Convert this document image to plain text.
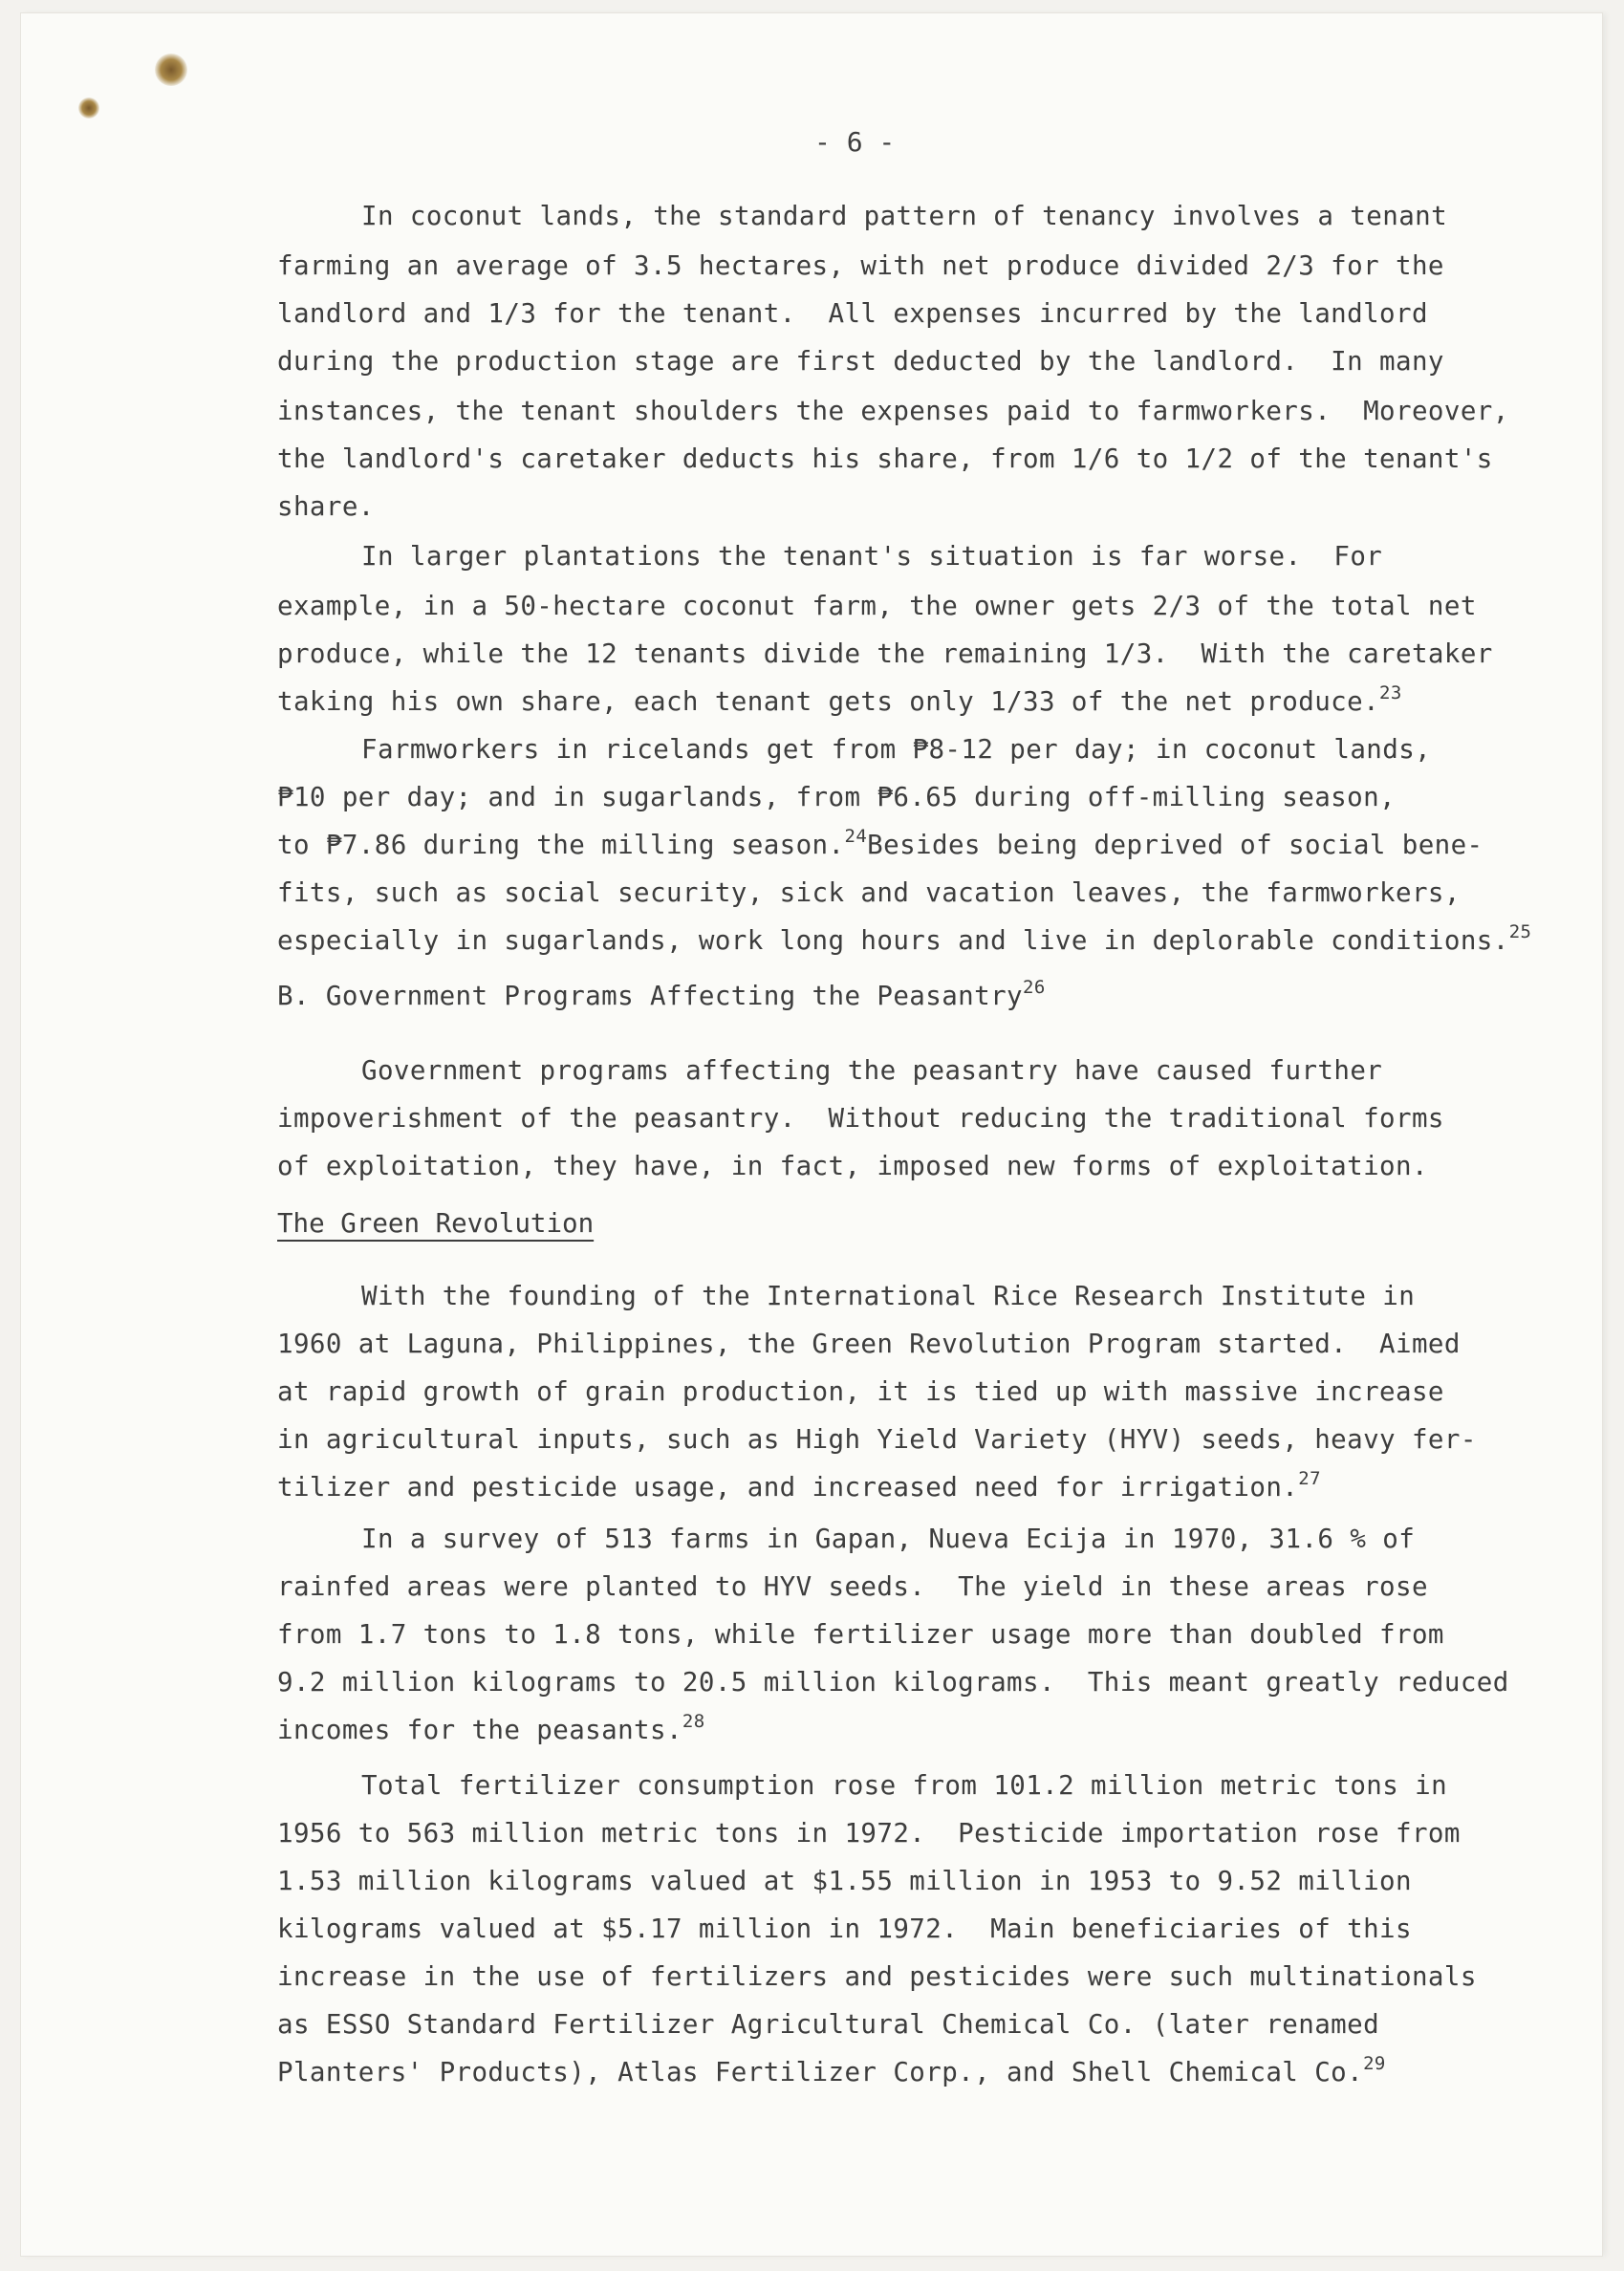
- 6 -
In coconut lands, the standard pattern of tenancy involves a tenant
farming an average of 3.5 hectares, with net produce divided 2/3 for the
landlord and 1/3 for the tenant.  All expenses incurred by the landlord
during the production stage are first deducted by the landlord.  In many
instances, the tenant shoulders the expenses paid to farmworkers.  Moreover,
the landlord's caretaker deducts his share, from 1/6 to 1/2 of the tenant's
share.
In larger plantations the tenant's situation is far worse.  For
example, in a 50-hectare coconut farm, the owner gets 2/3 of the total net
produce, while the 12 tenants divide the remaining 1/3.  With the caretaker
taking his own share, each tenant gets only 1/33 of the net produce.$^{23}$
Farmworkers in ricelands get from ₱8-12 per day; in coconut lands,
₱10 per day; and in sugarlands, from ₱6.65 during off-milling season,
to ₱7.86 during the milling season.$^{24}$Besides being deprived of social bene-
fits, such as social security, sick and vacation leaves, the farmworkers,
especially in sugarlands, work long hours and live in deplorable conditions.$^{25}$
B. Government Programs Affecting the Peasantry$^{26}$
Government programs affecting the peasantry have caused further
impoverishment of the peasantry.  Without reducing the traditional forms
of exploitation, they have, in fact, imposed new forms of exploitation.
The Green Revolution
With the founding of the International Rice Research Institute in
1960 at Laguna, Philippines, the Green Revolution Program started.  Aimed
at rapid growth of grain production, it is tied up with massive increase
in agricultural inputs, such as High Yield Variety (HYV) seeds, heavy fer-
tilizer and pesticide usage, and increased need for irrigation.$^{27}$
In a survey of 513 farms in Gapan, Nueva Ecija in 1970, 31.6 % of
rainfed areas were planted to HYV seeds.  The yield in these areas rose
from 1.7 tons to 1.8 tons, while fertilizer usage more than doubled from
9.2 million kilograms to 20.5 million kilograms.  This meant greatly reduced
incomes for the peasants.$^{28}$
Total fertilizer consumption rose from 101.2 million metric tons in
1956 to 563 million metric tons in 1972.  Pesticide importation rose from
1.53 million kilograms valued at $1.55 million in 1953 to 9.52 million
kilograms valued at $5.17 million in 1972.  Main beneficiaries of this
increase in the use of fertilizers and pesticides were such multinationals
as ESSO Standard Fertilizer Agricultural Chemical Co. (later renamed
Planters' Products), Atlas Fertilizer Corp., and Shell Chemical Co.$^{29}$
